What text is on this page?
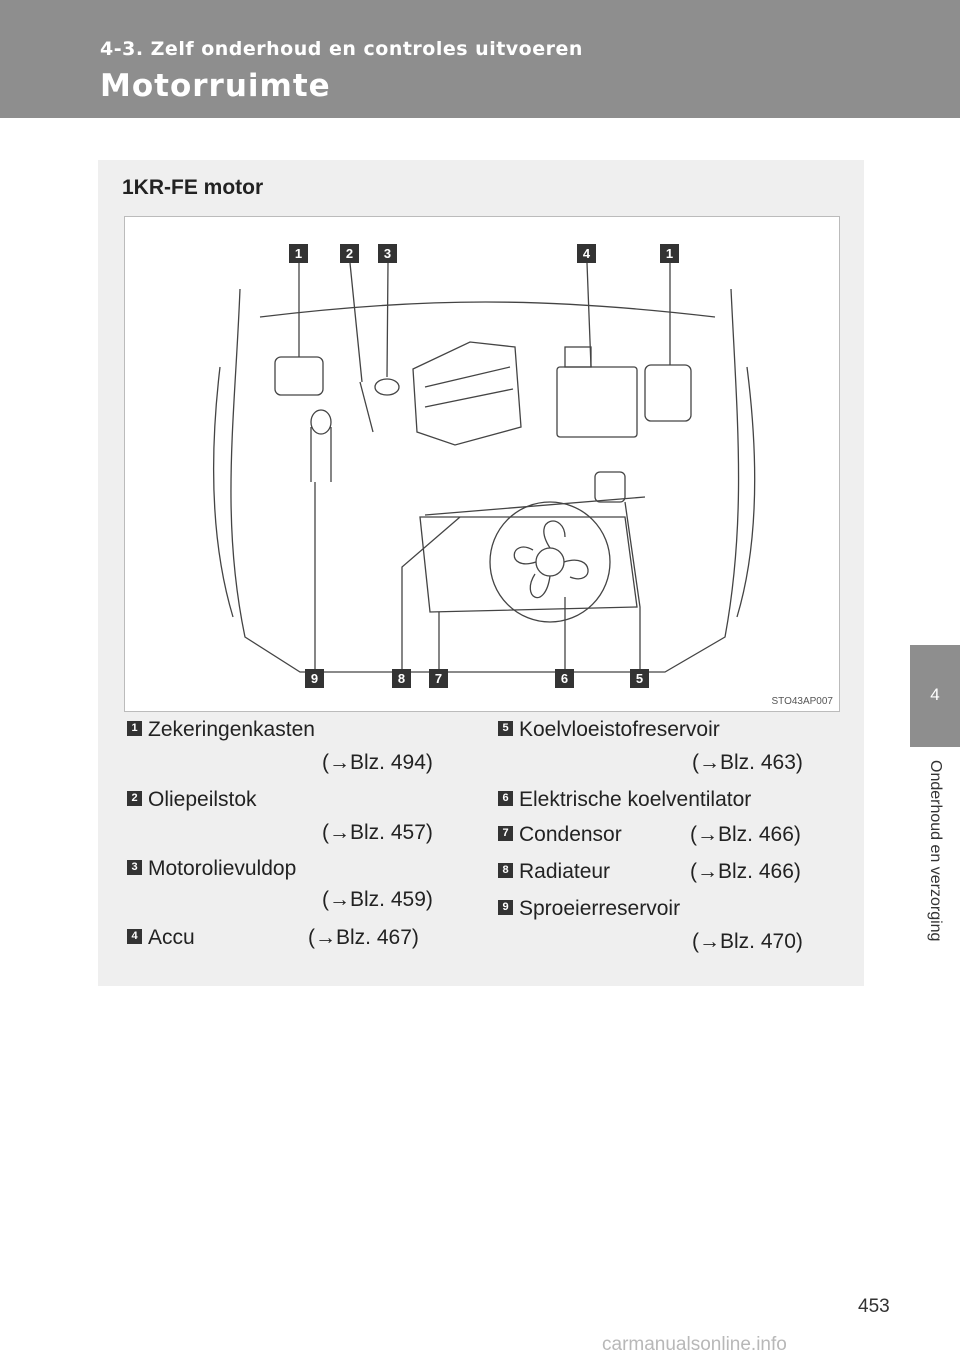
4-3. Zelf onderhoud en controles uitvoeren
Motorruimte
4
Onderhoud en verzorging
1KR-FE motor
1	2	3	4	1
9	8	7	6	5
STO43AP007
1 Zekeringenkasten
(→Blz. 494)
2 Oliepeilstok
(→Blz. 457)
3 Motorolievuldop
(→Blz. 459)
4 Accu	(→Blz. 467)
5 Koelvloeistofreservoir
(→Blz. 463)
6 Elektrische koelventilator
7 Condensor	(→Blz. 466)
8 Radiateur	(→Blz. 466)
9 Sproeierreservoir
(→Blz. 470)
453
carmanualsonline.info
